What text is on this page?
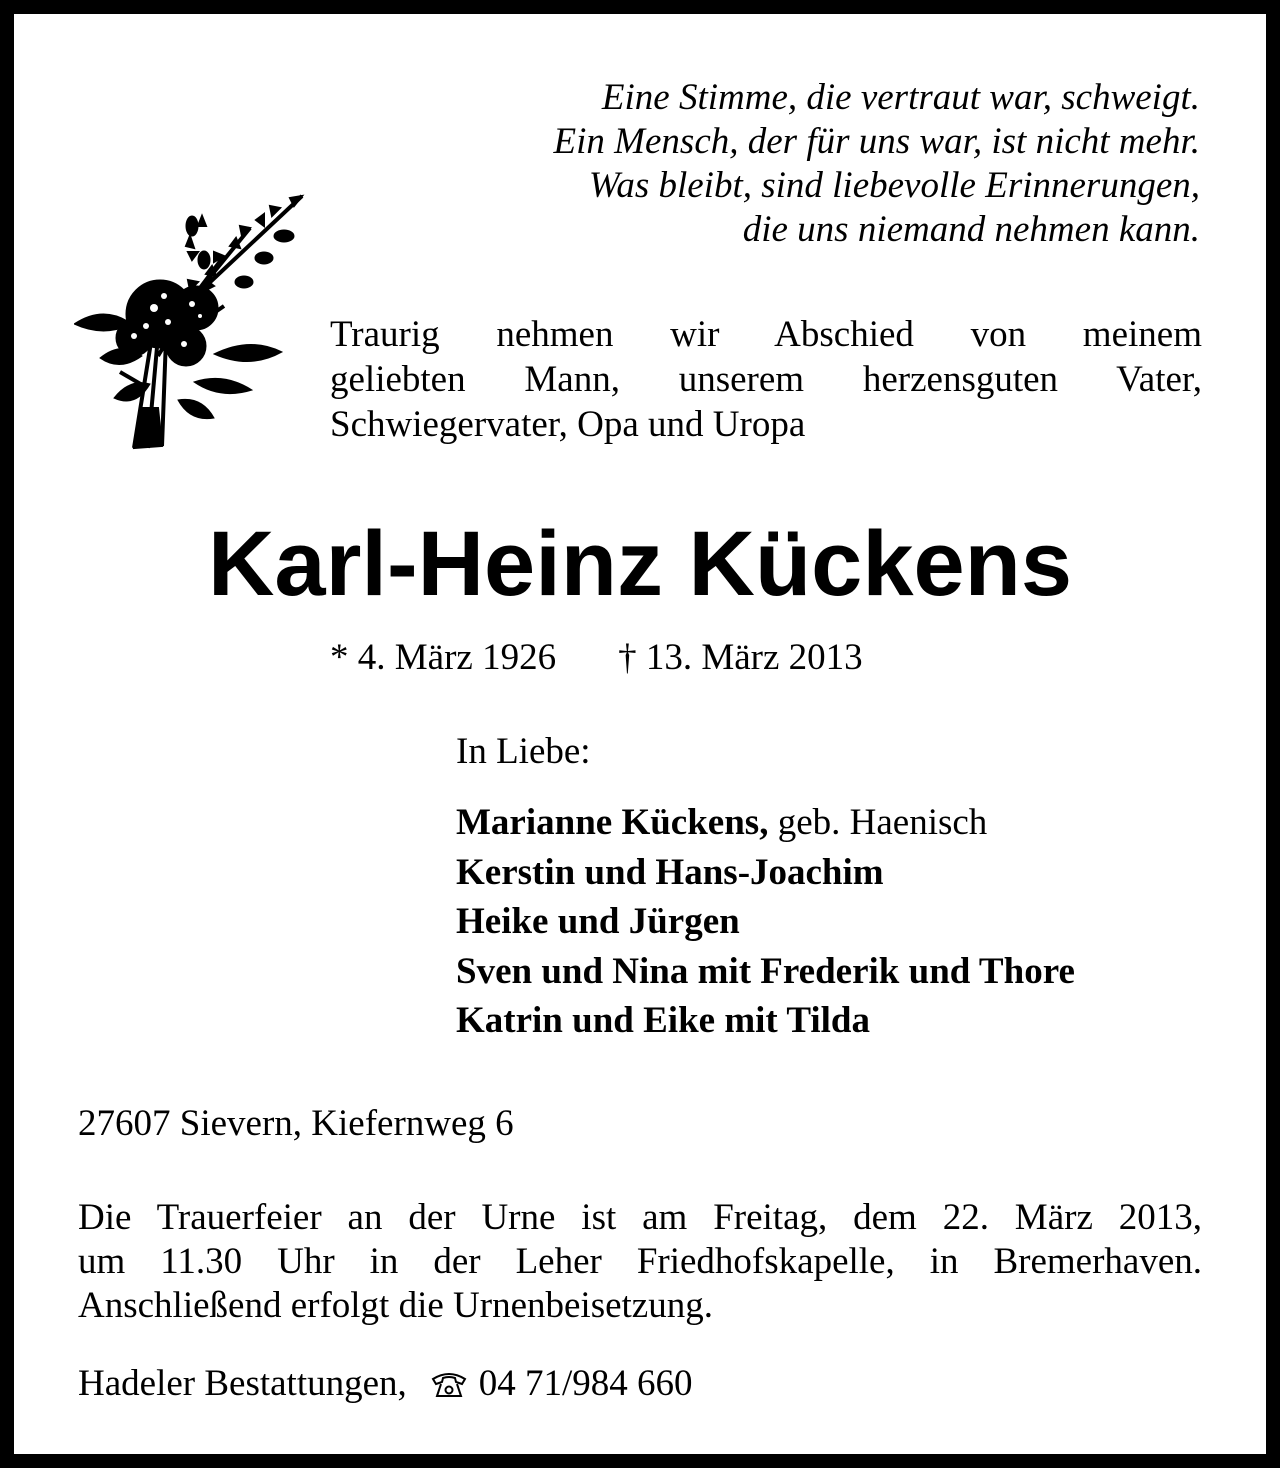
Eine Stimme, die vertraut war, schweigt.
Ein Mensch, der für uns war, ist nicht mehr.
Was bleibt, sind liebevolle Erinnerungen,
die uns niemand nehmen kann.
Traurig nehmen wir Abschied von meinem
geliebten Mann, unserem herzensguten Vater,
Schwiegervater, Opa und Uropa
Karl-Heinz Kückens
* 4. März 1926 † 13. März 2013
In Liebe:
Marianne Kückens, geb. Haenisch
Kerstin und Hans-Joachim
Heike und Jürgen
Sven und Nina mit Frederik und Thore
Katrin und Eike mit Tilda
27607 Sievern, Kiefernweg 6
Die Trauerfeier an der Urne ist am Freitag, dem 22. März 2013,
um 11.30 Uhr in der Leher Friedhofskapelle, in Bremerhaven.
Anschließend erfolgt die Urnenbeisetzung.
Hadeler Bestattungen, 04 71/984 660
